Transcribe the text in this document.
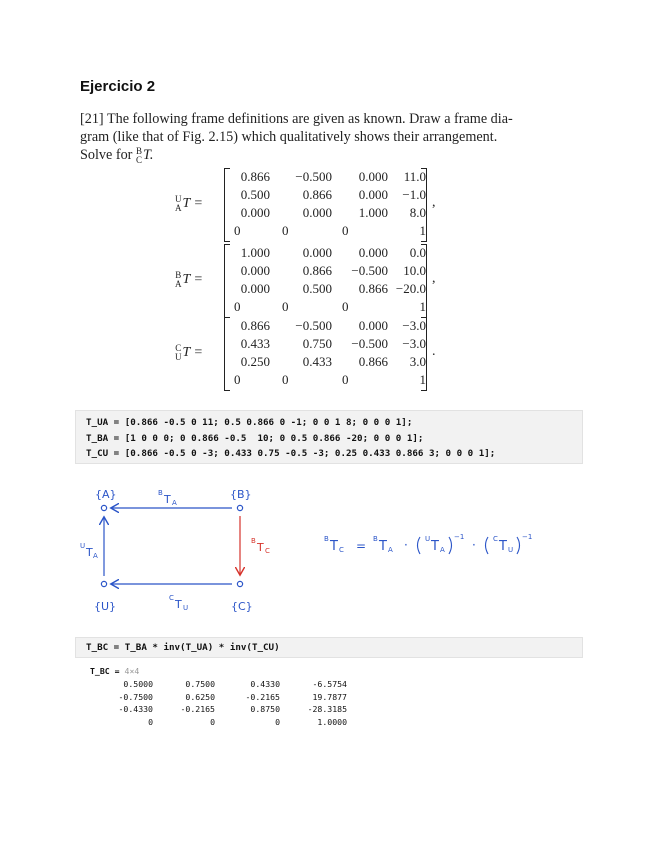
Ejercicio 2
[21] The following frame definitions are given as known. Draw a frame dia-
gram (like that of Fig. 2.15) which qualitatively shows their arrangement.
Solve for B
C T.
U
A T =	,
0.866	−0.500	0.000	11.0
0.500	0.866	0.000	−1.0
0.000	0.000	1.000	8.0
0	0	0	1
B
A T =	,
1.000	0.000	0.000	0.0
0.000	0.866	−0.500	10.0
0.000	0.500	0.866 −20.0
0	0	0	1
C
U T =	.
0.866	−0.500	0.000	−3.0
0.433	0.750	−0.500	−3.0
0.250	0.433	0.866	3.0
0	0	0	1
T_UA = [0.866 -0.5 0 11; 0.5 0.866 0 -1; 0 0 1 8; 0 0 0 1];
T_BA = [1 0 0 0; 0 0.866 -0.5  10; 0 0.5 0.866 -20; 0 0 0 1];
T_CU = [0.866 -0.5 0 -3; 0.433 0.75 -0.5 -3; 0.25 0.433 0.866 3; 0 0 0 1];
{A}	{B}
{U}	{C}
B T A
U T A
C T U
B T C
B T C = B T A · U T A
−1
· C T U
−1
T_BC = T_BA * inv(T_UA) * inv(T_CU)
T_BC = 4×4
0.5000	0.7500	0.4330	-6.5754
-0.7500	0.6250	-0.2165	19.7877
-0.4330	-0.2165	0.8750	-28.3185
0	0	0	1.0000
